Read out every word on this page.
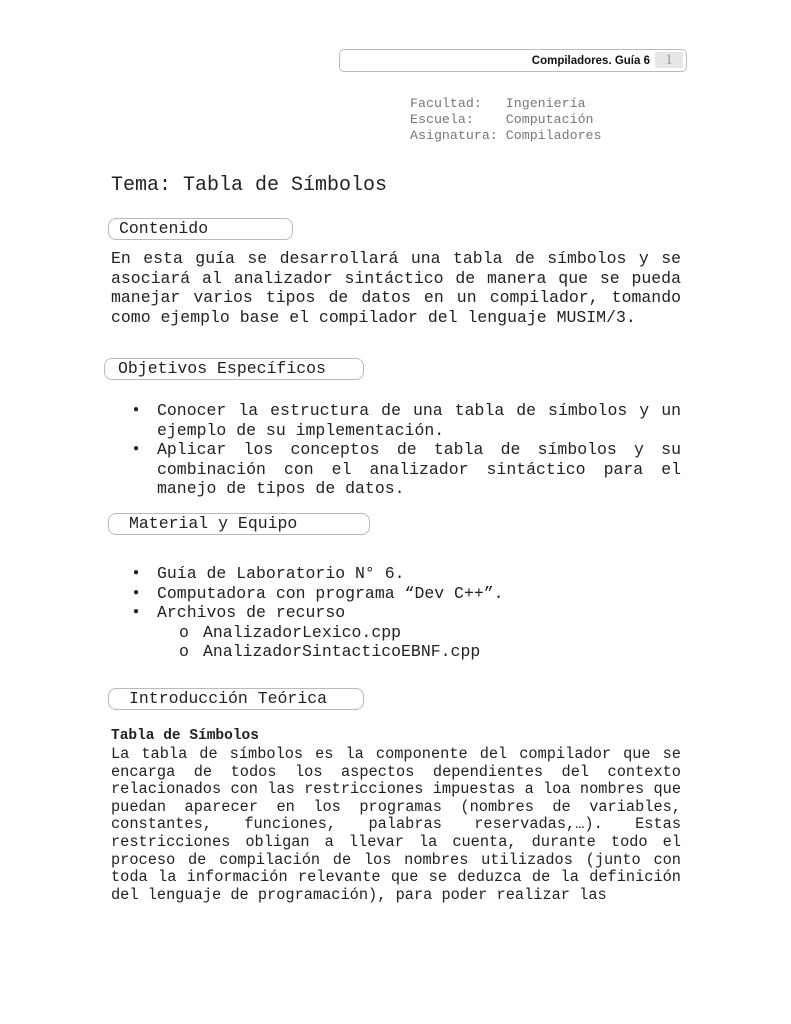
Compiladores. Guía 6	1
Facultad:   Ingeniería
Escuela:    Computación
Asignatura: Compiladores
Tema: Tabla de Símbolos
Contenido
En esta guía se desarrollará una tabla de símbolos y se asociará al analizador sintáctico de manera que se pueda manejar varios tipos de datos en un compilador, tomando como ejemplo base el compilador del lenguaje MUSIM/3.
Objetivos Específicos
● Conocer la estructura de una tabla de símbolos y un ejemplo de su implementación.
● Aplicar los conceptos de tabla de símbolos y su combinación con el analizador sintáctico para el manejo de tipos de datos.
Material y Equipo
● Guía de Laboratorio N° 6.
● Computadora con programa “Dev C++”.
● Archivos de recurso
o AnalizadorLexico.cpp
o AnalizadorSintacticoEBNF.cpp
Introducción Teórica
Tabla de Símbolos
La tabla de símbolos es la componente del compilador que se encarga de todos los aspectos dependientes del contexto relacionados con las restricciones impuestas a loa nombres que puedan aparecer en los programas (nombres de variables, constantes, funciones, palabras reservadas,…). Estas restricciones obligan a llevar la cuenta, durante todo el proceso de compilación de los nombres utilizados (junto con toda la información relevante que se deduzca de la definición del lenguaje de programación), para poder realizar las
